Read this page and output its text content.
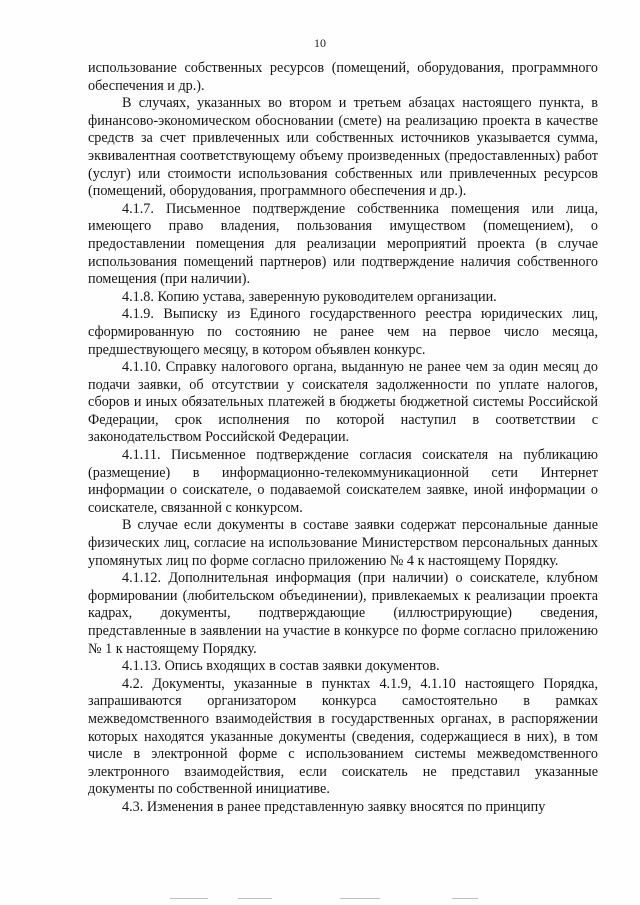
10

использование собственных ресурсов (помещений, оборудования, программного обеспечения и др.).

В случаях, указанных во втором и третьем абзацах настоящего пункта, в финансово-экономическом обосновании (смете) на реализацию проекта в качестве средств за счет привлеченных или собственных источников указывается сумма, эквивалентная соответствующему объему произведенных (предоставленных) работ (услуг) или стоимости использования собственных или привлеченных ресурсов (помещений, оборудования, программного обеспечения и др.).

4.1.7. Письменное подтверждение собственника помещения или лица, имеющего право владения, пользования имуществом (помещением), о предоставлении помещения для реализации мероприятий проекта (в случае использования помещений партнеров) или подтверждение наличия собственного помещения (при наличии).

4.1.8. Копию устава, заверенную руководителем организации.

4.1.9. Выписку из Единого государственного реестра юридических лиц, сформированную по состоянию не ранее чем на первое число месяца, предшествующего месяцу, в котором объявлен конкурс.

4.1.10. Справку налогового органа, выданную не ранее чем за один месяц до подачи заявки, об отсутствии у соискателя задолженности по уплате налогов, сборов и иных обязательных платежей в бюджеты бюджетной системы Российской Федерации, срок исполнения по которой наступил в соответствии с законодательством Российской Федерации.

4.1.11. Письменное подтверждение согласия соискателя на публикацию (размещение) в информационно-телекоммуникационной сети Интернет информации о соискателе, о подаваемой соискателем заявке, иной информации о соискателе, связанной с конкурсом.

В случае если документы в составе заявки содержат персональные данные физических лиц, согласие на использование Министерством персональных данных упомянутых лиц по форме согласно приложению № 4 к настоящему Порядку.

4.1.12. Дополнительная информация (при наличии) о соискателе, клубном формировании (любительском объединении), привлекаемых к реализации проекта кадрах, документы, подтверждающие (иллюстрирующие) сведения, представленные в заявлении на участие в конкурсе по форме согласно приложению № 1 к настоящему Порядку.

4.1.13. Опись входящих в состав заявки документов.

4.2. Документы, указанные в пунктах 4.1.9, 4.1.10 настоящего Порядка, запрашиваются организатором конкурса самостоятельно в рамках межведомственного взаимодействия в государственных органах, в распоряжении которых находятся указанные документы (сведения, содержащиеся в них), в том числе в электронной форме с использованием системы межведомственного электронного взаимодействия, если соискатель не представил указанные документы по собственной инициативе.

4.3. Изменения в ранее представленную заявку вносятся по принципу
